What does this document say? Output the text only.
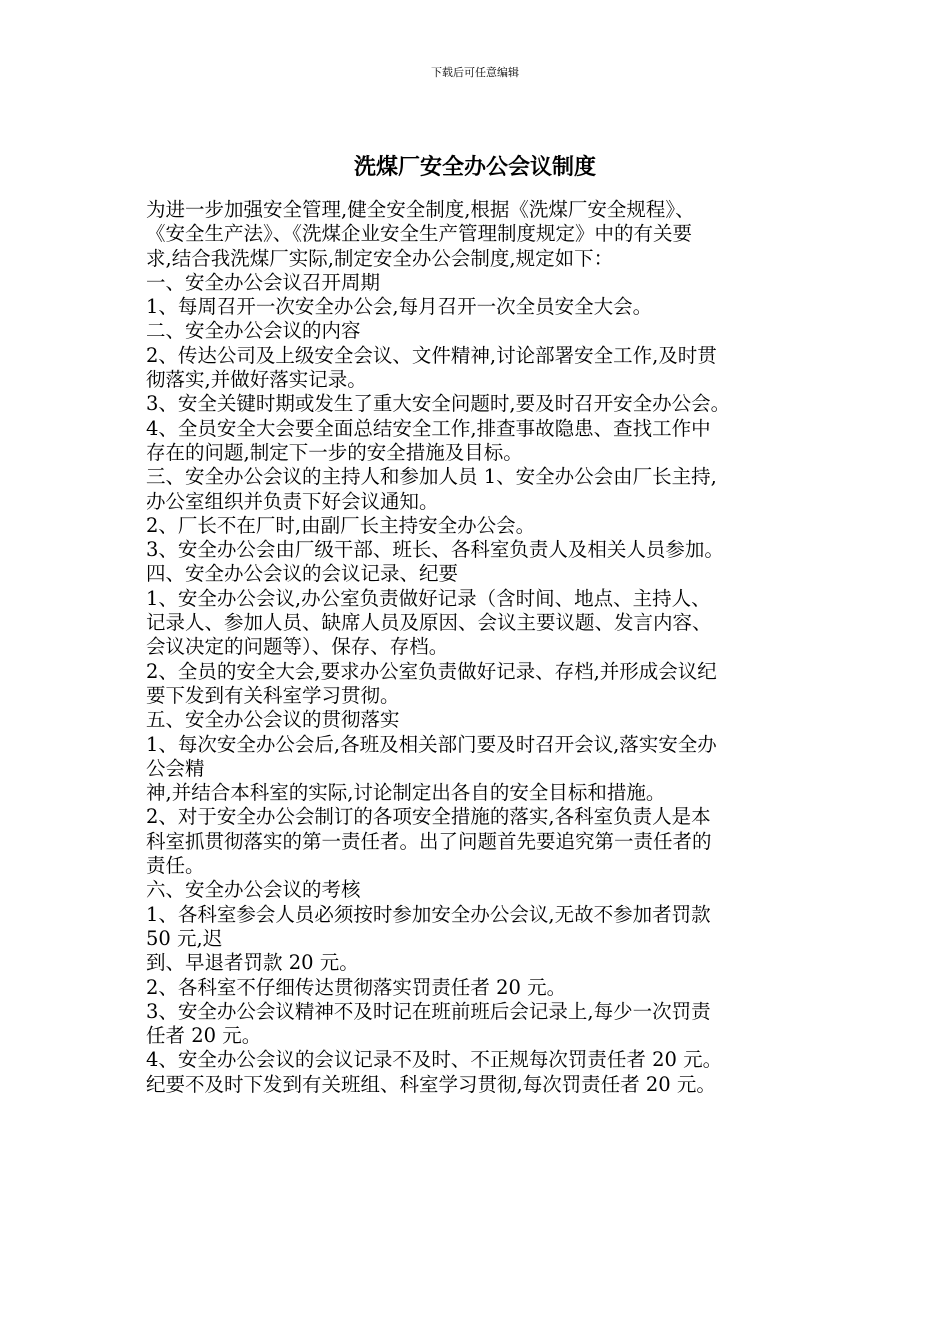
下载后可任意编辑
洗煤厂安全办公会议制度
为进一步加强安全管理,健全安全制度,根据《洗煤厂安全规程》、
《安全生产法》、《洗煤企业安全生产管理制度规定》中的有关要
求,结合我洗煤厂实际,制定安全办公会制度,规定如下：
一、安全办公会议召开周期
1、每周召开一次安全办公会,每月召开一次全员安全大会。
二、安全办公会议的内容
2、传达公司及上级安全会议、文件精神,讨论部署安全工作,及时贯
彻落实,并做好落实记录。
3、安全关键时期或发生了重大安全问题时,要及时召开安全办公会。
4、全员安全大会要全面总结安全工作,排查事故隐患、查找工作中
存在的问题,制定下一步的安全措施及目标。
三、安全办公会议的主持人和参加人员 1、安全办公会由厂长主持,
办公室组织并负责下好会议通知。
2、厂长不在厂时,由副厂长主持安全办公会。
3、安全办公会由厂级干部、班长、各科室负责人及相关人员参加。
四、安全办公会议的会议记录、纪要
1、安全办公会议,办公室负责做好记录（含时间、地点、主持人、
记录人、参加人员、缺席人员及原因、会议主要议题、发言内容、
会议决定的问题等）、保存、存档。
2、全员的安全大会,要求办公室负责做好记录、存档,并形成会议纪
要下发到有关科室学习贯彻。
五、安全办公会议的贯彻落实
1、每次安全办公会后,各班及相关部门要及时召开会议,落实安全办
公会精
神,并结合本科室的实际,讨论制定出各自的安全目标和措施。
2、对于安全办公会制订的各项安全措施的落实,各科室负责人是本
科室抓贯彻落实的第一责任者。出了问题首先要追究第一责任者的
责任。
六、安全办公会议的考核
1、各科室参会人员必须按时参加安全办公会议,无故不参加者罚款
50 元,迟
到、早退者罚款 20 元。
2、各科室不仔细传达贯彻落实罚责任者 20 元。
3、安全办公会议精神不及时记在班前班后会记录上,每少一次罚责
任者 20 元。
4、安全办公会议的会议记录不及时、不正规每次罚责任者 20 元。
纪要不及时下发到有关班组、科室学习贯彻,每次罚责任者 20 元。
